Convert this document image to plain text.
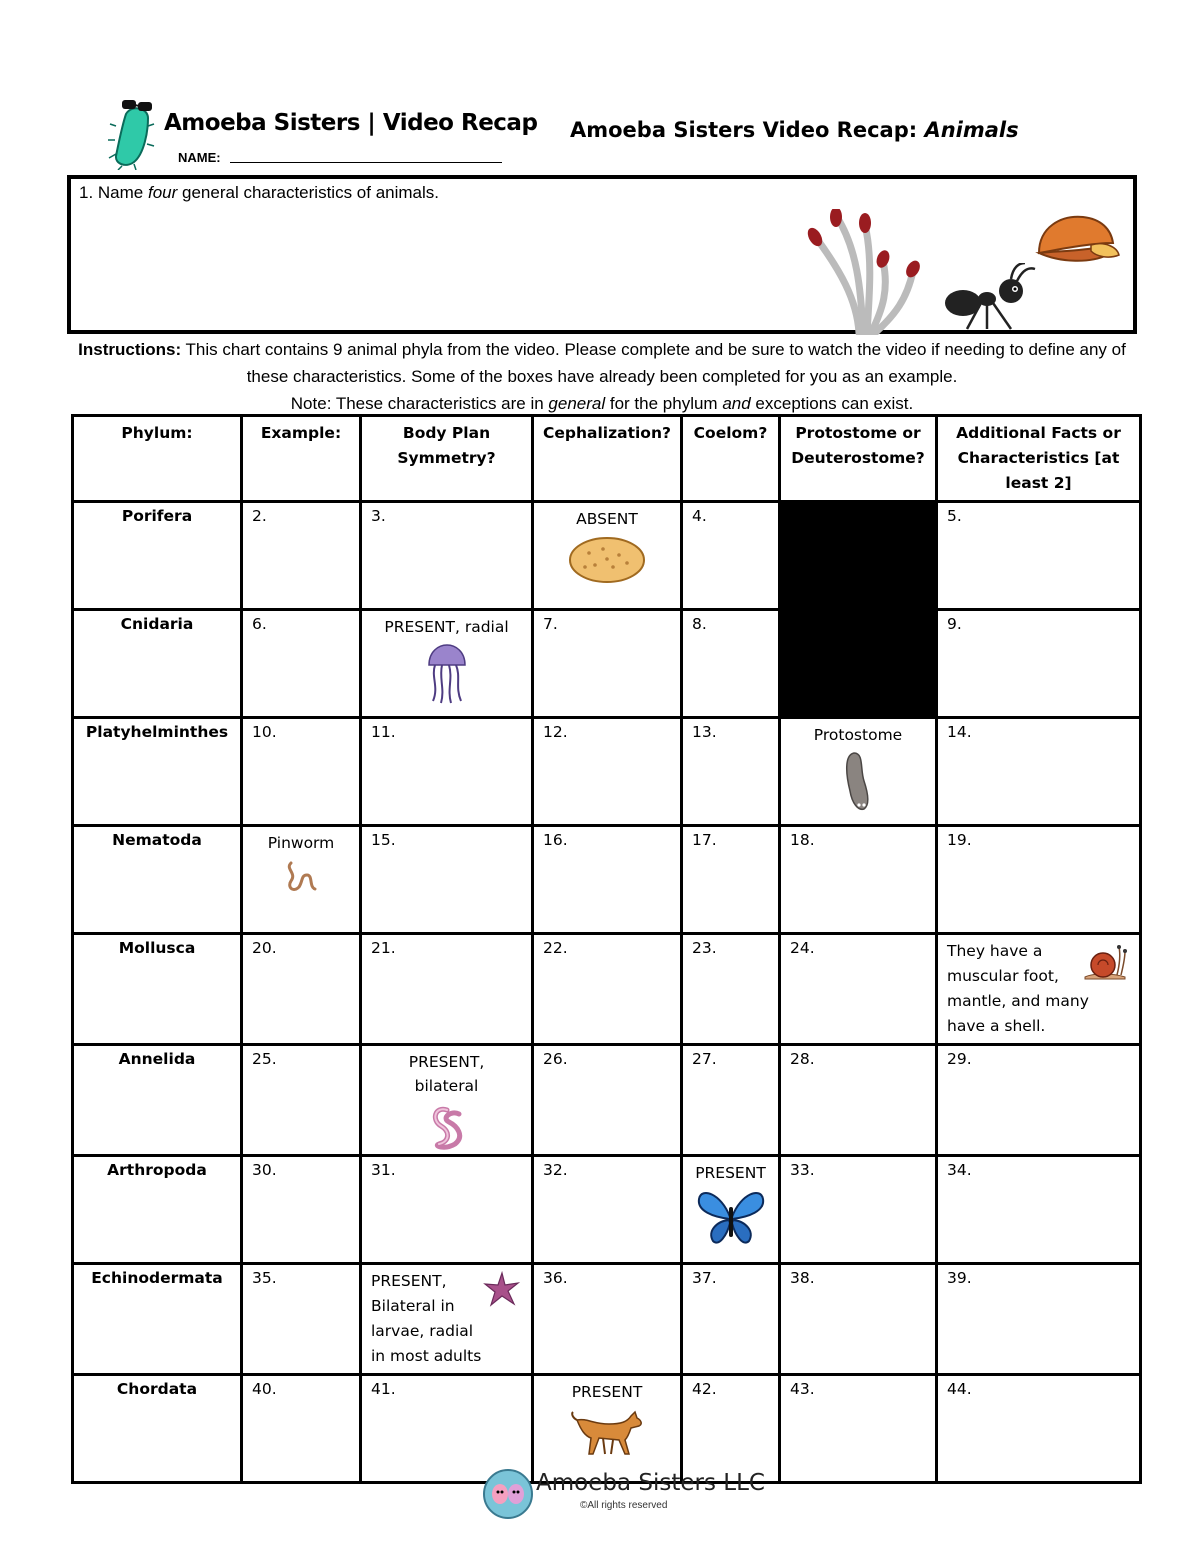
Amoeba Sisters | Video Recap
NAME:
Amoeba Sisters Video Recap: Animals
1. Name four general characteristics of animals.
Instructions: This chart contains 9 animal phyla from the video. Please complete and be sure to watch the video if needing to define any of these characteristics. Some of the boxes have already been completed for you as an example.
Note: These characteristics are in general for the phylum and exceptions can exist.
Phylum:	Example:	Body Plan Symmetry?	Cephalization?	Coelom?	Protostome or Deuterostome?	Additional Facts or Characteristics [at least 2]
Porifera	2.	3.	ABSENT	4.		5.
Cnidaria	6.	PRESENT, radial	7.	8.		9.
Platyhelminthes	10.	11.	12.	13.	Protostome	14.
Nematoda	Pinworm	15.	16.	17.	18.	19.
Mollusca	20.	21.	22.	23.	24.	They have a muscular foot, mantle, and many have a shell.

Annelida	25.	PRESENT, bilateral	26.	27.	28.	29.
Arthropoda	30.	31.	32.	PRESENT	33.	34.
Echinodermata	35.	PRESENT, Bilateral in larvae, radial in most adults	36.	37.	38.	39.
Chordata	40.	41.	PRESENT	42.	43.	44.
Amoeba Sisters LLC
©All rights reserved
